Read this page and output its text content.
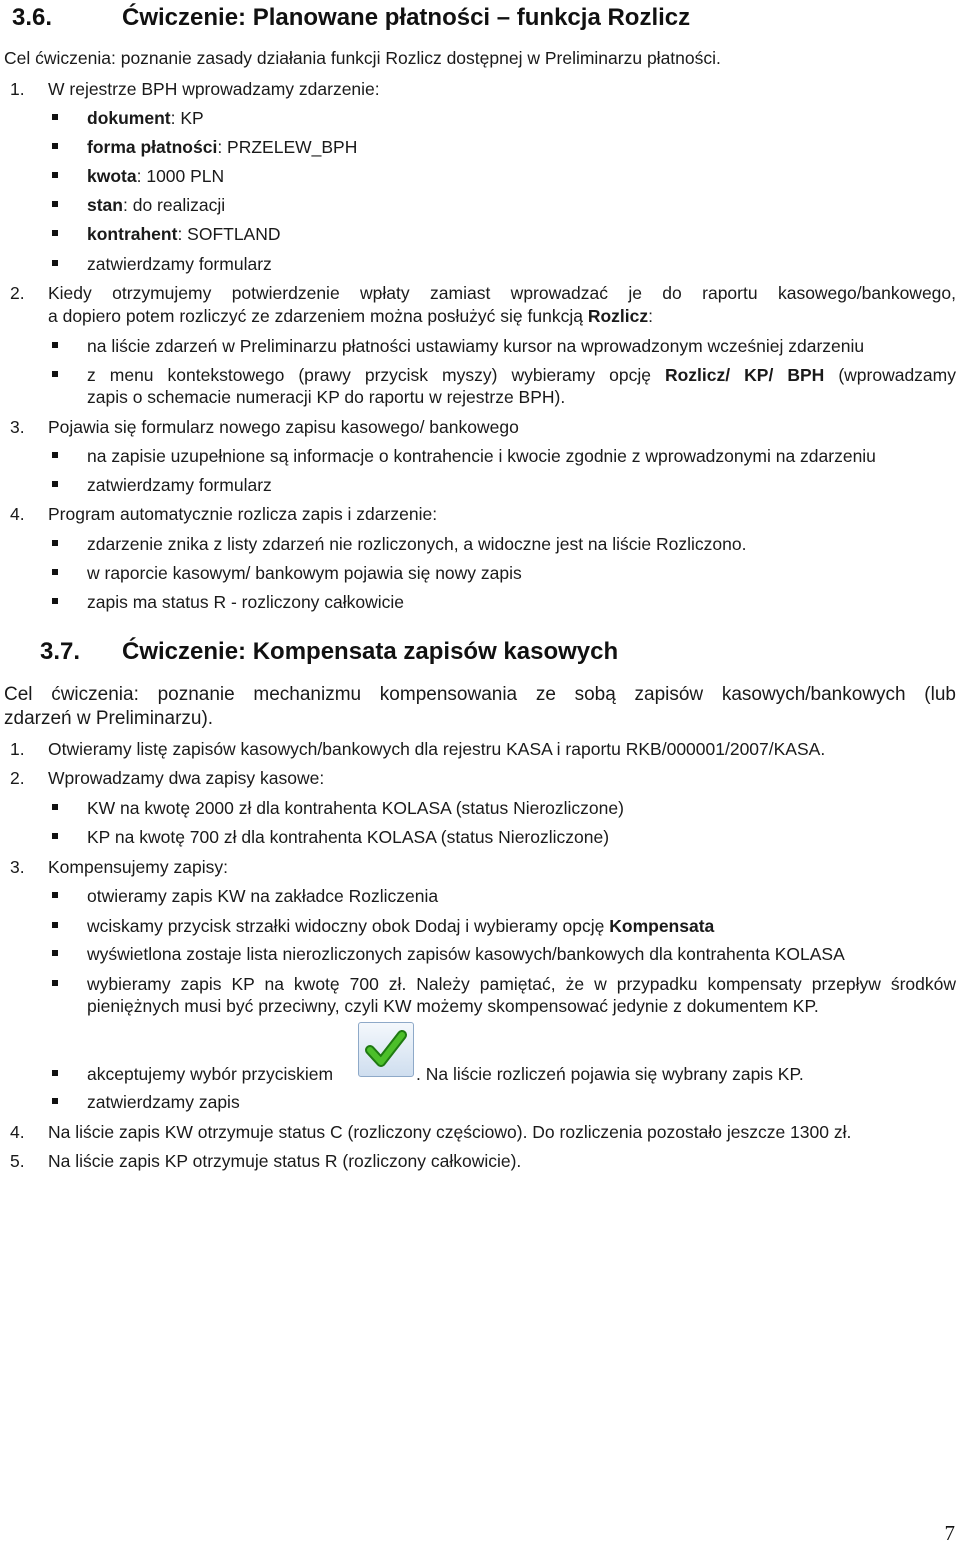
3.6.	Ćwiczenie: Planowane płatności – funkcja Rozlicz
Cel ćwiczenia: poznanie zasady działania funkcji Rozlicz dostępnej w Preliminarzu płatności.
1. W rejestrze BPH wprowadzamy zdarzenie:
dokument: KP
forma płatności: PRZELEW_BPH
kwota: 1000 PLN
stan: do realizacji
kontrahent: SOFTLAND
zatwierdzamy formularz
2. Kiedy otrzymujemy potwierdzenie wpłaty zamiast wprowadzać je do raportu kasowego/bankowego,
a dopiero potem rozliczyć ze zdarzeniem można posłużyć się funkcją Rozlicz:
na liście zdarzeń w Preliminarzu płatności ustawiamy kursor na wprowadzonym wcześniej zdarzeniu
z menu kontekstowego (prawy przycisk myszy) wybieramy opcję Rozlicz/ KP/ BPH (wprowadzamy
zapis o schemacie numeracji KP do raportu w rejestrze BPH).
3. Pojawia się formularz nowego zapisu kasowego/ bankowego
na zapisie uzupełnione są informacje o kontrahencie i kwocie zgodnie z wprowadzonymi na zdarzeniu
zatwierdzamy formularz
4. Program automatycznie rozlicza zapis i zdarzenie:
zdarzenie znika z listy zdarzeń nie rozliczonych, a widoczne jest na liście Rozliczono.
w raporcie kasowym/ bankowym pojawia się nowy zapis
zapis ma status R - rozliczony całkowicie
3.7. Ćwiczenie: Kompensata zapisów kasowych
Cel ćwiczenia: poznanie mechanizmu kompensowania ze sobą zapisów kasowych/bankowych (lub
zdarzeń w Preliminarzu).
1. Otwieramy listę zapisów kasowych/bankowych dla rejestru KASA i raportu RKB/000001/2007/KASA.
2. Wprowadzamy dwa zapisy kasowe:
KW na kwotę 2000 zł dla kontrahenta KOLASA (status Nierozliczone)
KP na kwotę 700 zł dla kontrahenta KOLASA (status Nierozliczone)
3. Kompensujemy zapisy:
otwieramy zapis KW na zakładce Rozliczenia
wciskamy przycisk strzałki widoczny obok Dodaj i wybieramy opcję Kompensata
wyświetlona zostaje lista nierozliczonych zapisów kasowych/bankowych dla kontrahenta KOLASA
wybieramy zapis KP na kwotę 700 zł. Należy pamiętać, że w przypadku kompensaty przepływ środków
pieniężnych musi być przeciwny, czyli KW możemy skompensować jedynie z dokumentem KP.
akceptujemy wybór przyciskiem	. Na liście rozliczeń pojawia się wybrany zapis KP.
zatwierdzamy zapis
4. Na liście zapis KW otrzymuje status C (rozliczony częściowo). Do rozliczenia pozostało jeszcze 1300 zł.
5. Na liście zapis KP otrzymuje status R (rozliczony całkowicie).
7
